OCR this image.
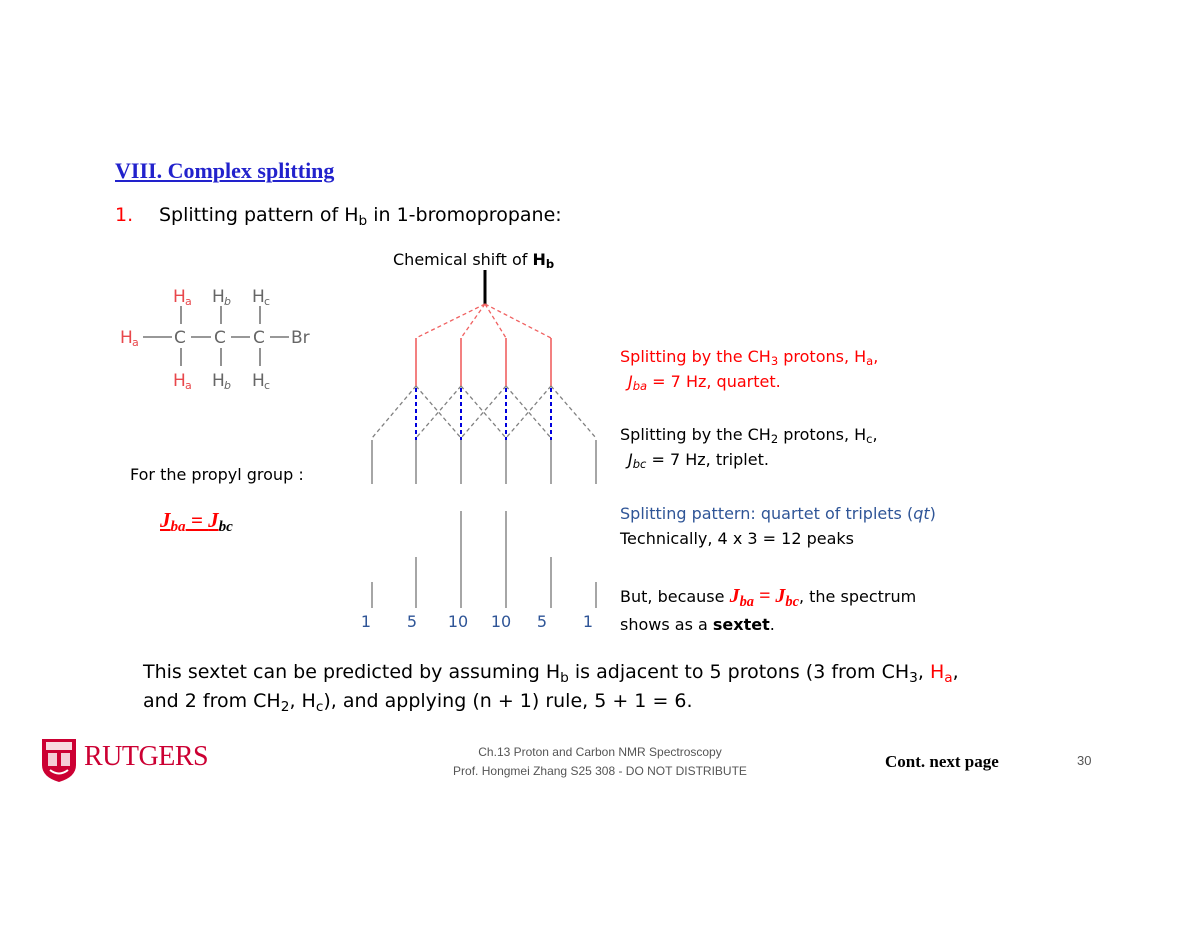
VIII. Complex splitting
1. Splitting pattern of $H_b$ in 1-bromopropane:
Chemical shift of $H_b$
H a H b H c
H a C C C Br
H a H b H c
1 5 10 10 5 1
Splitting by the $CH_3$ protons, $H_a$,
$J_{ba} = 7$ Hz, quartet.
Splitting by the $CH_2$ protons, $H_c$,
$J_{bc} = 7$ Hz, triplet.
Splitting pattern: quartet of triplets (qt)
Technically, 4 x 3 = 12 peaks
But, because $J_{ba} = J_{bc}$, the spectrum
shows as a sextet.
For the propyl group :
$J_{ba} = J_{bc}$
This sextet can be predicted by assuming $H_b$ is adjacent to 5 protons (3 from $CH_3$, $H_a$,
and 2 from $CH_2$, $H_c$), and applying (n + 1) rule, 5 + 1 = 6.
RUTGERS	Ch.13 Proton and Carbon NMR Spectroscopy
Prof. Hongmei Zhang S25 308 - DO NOT DISTRIBUTE	Cont. next page	30
